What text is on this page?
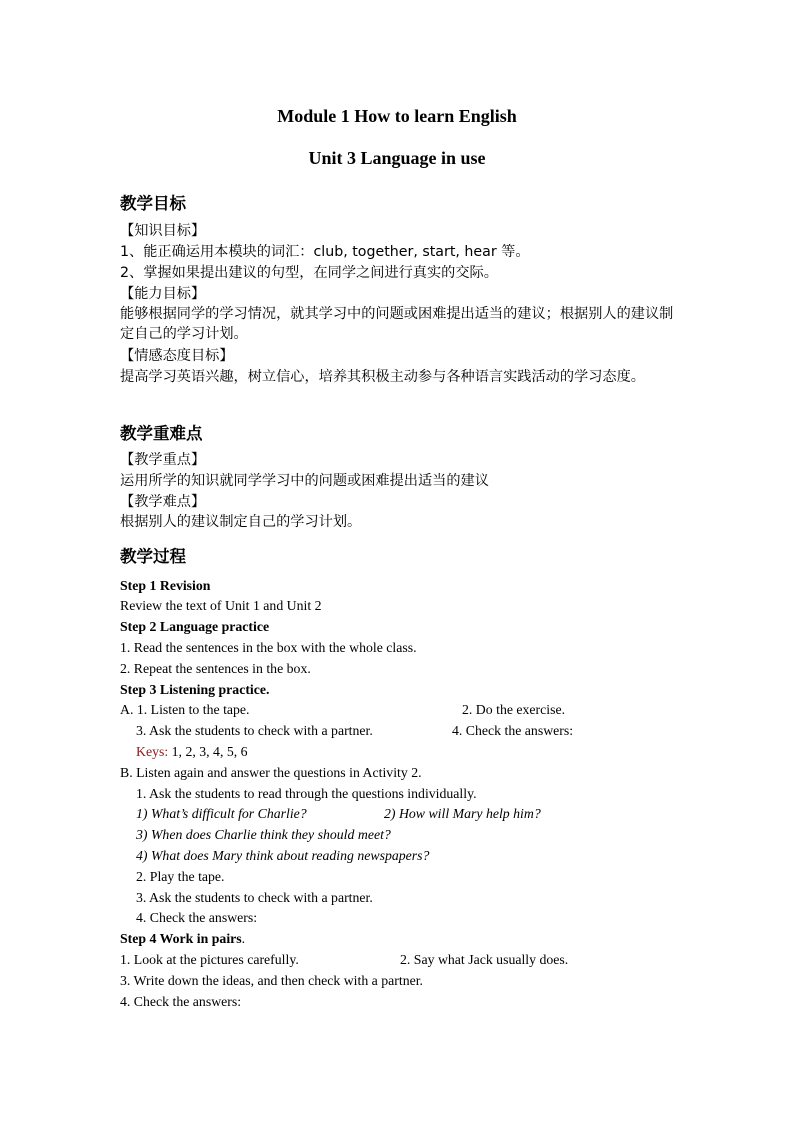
Module 1 How to learn English
Unit 3 Language in use
教学目标
【知识目标】
1、能正确运用本模块的词汇：club, together, start, hear 等。
2、掌握如果提出建议的句型，在同学之间进行真实的交际。
【能力目标】
能够根据同学的学习情况，就其学习中的问题或困难提出适当的建议；根据别人的建议制定自己的学习计划。
【情感态度目标】
提高学习英语兴趣，树立信心，培养其积极主动参与各种语言实践活动的学习态度。
教学重难点
【教学重点】
运用所学的知识就同学学习中的问题或困难提出适当的建议
【教学难点】
根据别人的建议制定自己的学习计划。
教学过程
Step 1 Revision
Review the text of Unit 1 and Unit 2
Step 2 Language practice
1. Read the sentences in the box with the whole class.
2. Repeat the sentences in the box.
Step 3 Listening practice.
A. 1. Listen to the tape.	2. Do the exercise.
3. Ask the students to check with a partner.	4. Check the answers:
Keys: 1, 2, 3, 4, 5, 6
B. Listen again and answer the questions in Activity 2.
1. Ask the students to read through the questions individually.
1) What’s difficult for Charlie?	2) How will Mary help him?
3) When does Charlie think they should meet?
4) What does Mary think about reading newspapers?
2. Play the tape.
3. Ask the students to check with a partner.
4. Check the answers:
Step 4 Work in pairs.
1. Look at the pictures carefully.	2. Say what Jack usually does.
3. Write down the ideas, and then check with a partner.
4. Check the answers:
